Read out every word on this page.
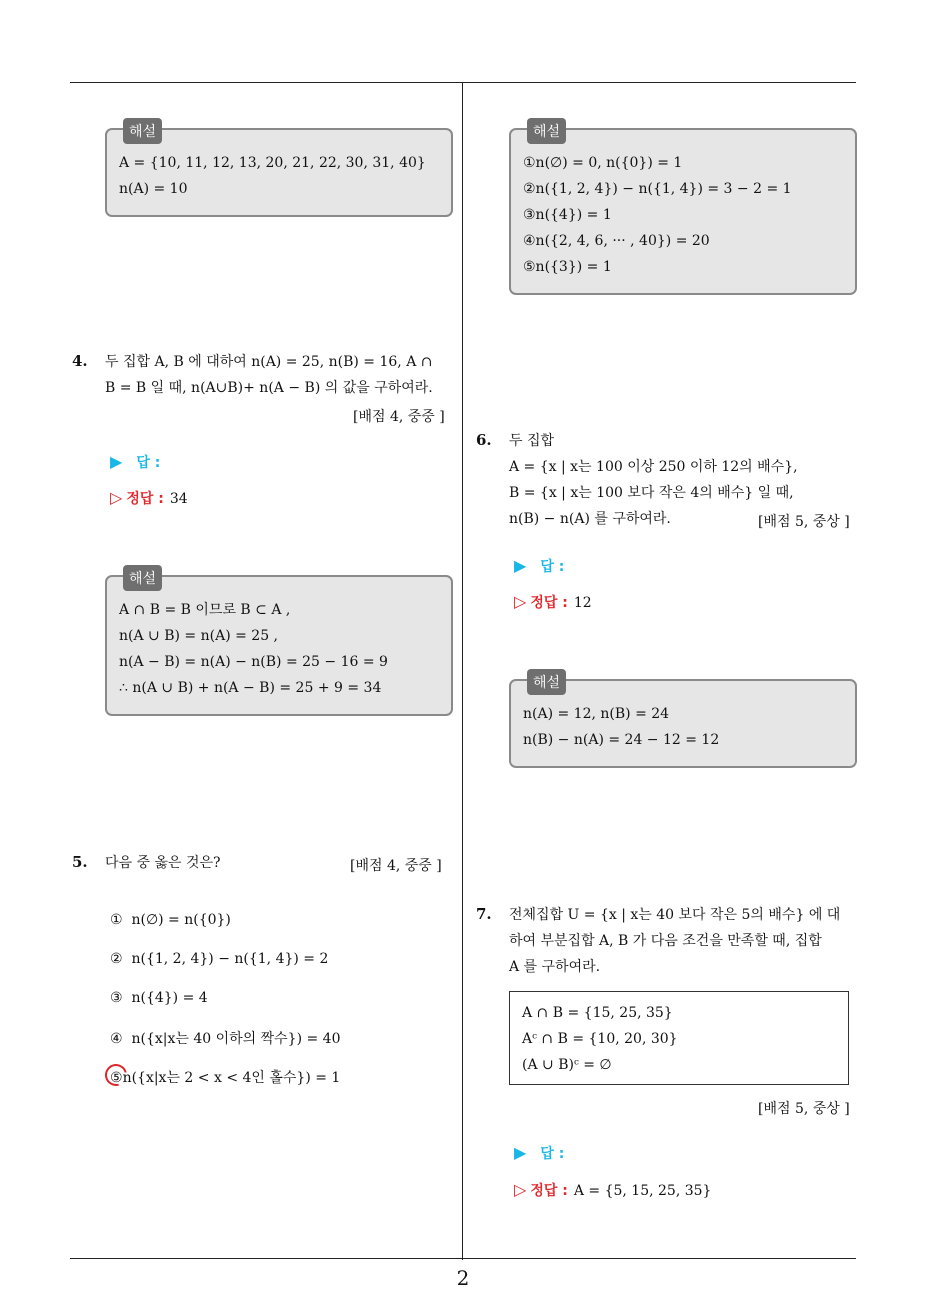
2
해설
A = {10, 11, 12, 13, 20, 21, 22, 30, 31, 40}
n(A) = 10
4. 두 집합 A, B 에 대하여 n(A) = 25, n(B) = 16, A ∩
B = B 일 때, n(A∪B)+ n(A − B) 의 값을 구하여라.
[배점 4, 중중 ]
▶ 답 :
▷ 정답 : 34
해설
A ∩ B = B 이므로 B ⊂ A ,
n(A ∪ B) = n(A) = 25 ,
n(A − B) = n(A) − n(B) = 25 − 16 = 9
∴ n(A ∪ B) + n(A − B) = 25 + 9 = 34
5. 다음 중 옳은 것은?	[배점 4, 중중 ]
① n(∅) = n({0})
② n({1, 2, 4}) − n({1, 4}) = 2
③ n({4}) = 4
④ n({x|x는 40 이하의 짝수}) = 40
⑤n({x|x는 2 < x < 4인 홀수}) = 1
해설
①n(∅) = 0, n({0}) = 1
②n({1, 2, 4}) − n({1, 4}) = 3 − 2 = 1
③n({4}) = 1
④n({2, 4, 6, ··· , 40}) = 20
⑤n({3}) = 1
6. 두 집합
A = {x | x는 100 이상 250 이하 12의 배수},
B = {x | x는 100 보다 작은 4의 배수} 일 때,
n(B) − n(A) 를 구하여라.	[배점 5, 중상 ]
▶ 답 :
▷ 정답 : 12
해설
n(A) = 12, n(B) = 24
n(B) − n(A) = 24 − 12 = 12
7. 전체집합 U = {x | x는 40 보다 작은 5의 배수} 에 대
하여 부분집합 A, B 가 다음 조건을 만족할 때, 집합
A 를 구하여라.
A ∩ B = {15, 25, 35}
Aᶜ ∩ B = {10, 20, 30}
(A ∪ B)ᶜ = ∅
[배점 5, 중상 ]
▶ 답 :
▷ 정답 : A = {5, 15, 25, 35}
